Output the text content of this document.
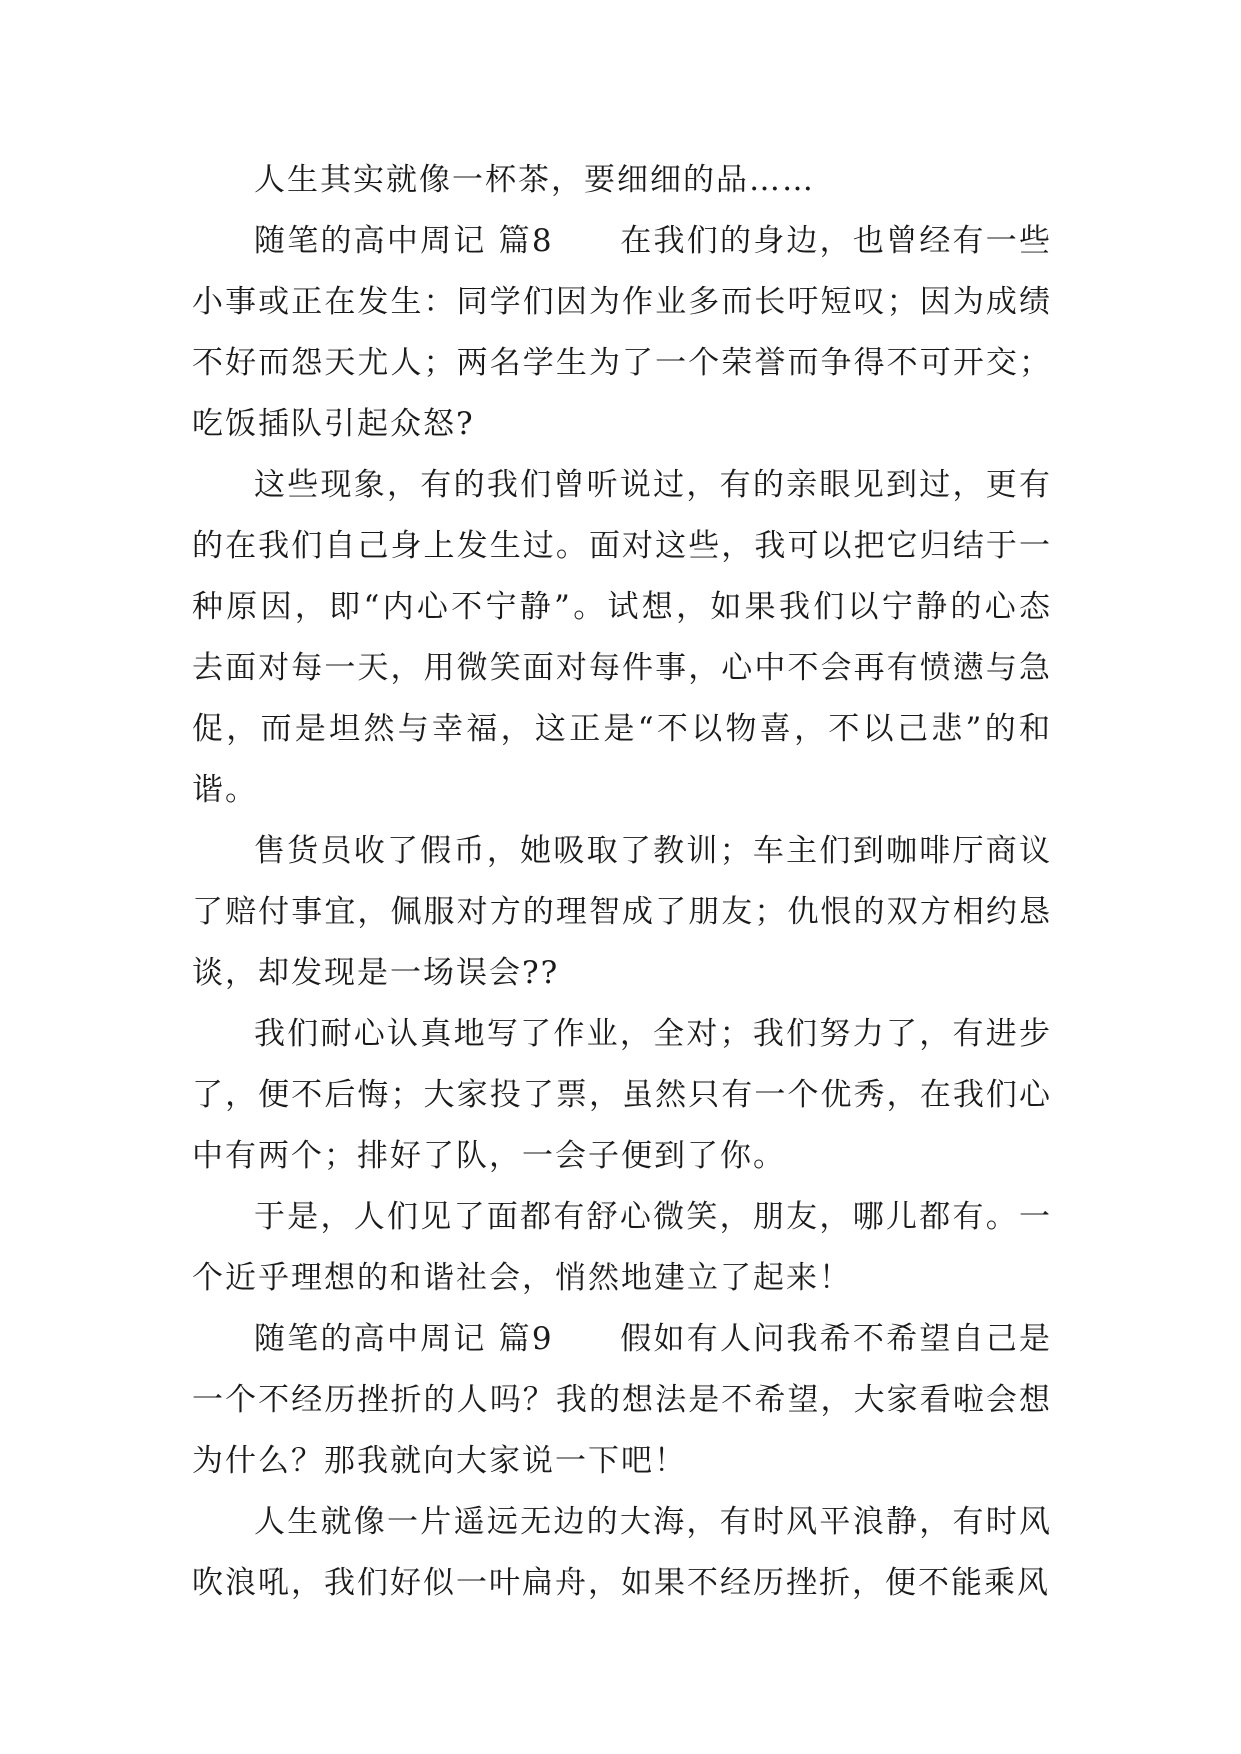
人生其实就像一杯茶，要细细的品……

随笔的高中周记 篇8　　在我们的身边，也曾经有一些小事或正在发生：同学们因为作业多而长吁短叹；因为成绩不好而怨天尤人；两名学生为了一个荣誉而争得不可开交；吃饭插队引起众怒?

这些现象，有的我们曾听说过，有的亲眼见到过，更有的在我们自己身上发生过。面对这些，我可以把它归结于一种原因，即“内心不宁静”。试想，如果我们以宁静的心态去面对每一天，用微笑面对每件事，心中不会再有愤懑与急促，而是坦然与幸福，这正是“不以物喜，不以己悲”的和谐。

售货员收了假币，她吸取了教训；车主们到咖啡厅商议了赔付事宜，佩服对方的理智成了朋友；仇恨的双方相约恳谈，却发现是一场误会??

我们耐心认真地写了作业，全对；我们努力了，有进步了，便不后悔；大家投了票，虽然只有一个优秀，在我们心中有两个；排好了队，一会子便到了你。

于是，人们见了面都有舒心微笑，朋友，哪儿都有。一个近乎理想的和谐社会，悄然地建立了起来！

随笔的高中周记 篇9　　假如有人问我希不希望自己是一个不经历挫折的人吗？我的想法是不希望，大家看啦会想为什么？那我就向大家说一下吧！

人生就像一片遥远无边的大海，有时风平浪静，有时风吹浪吼，我们好似一叶扁舟，如果不经历挫折，便不能乘风
